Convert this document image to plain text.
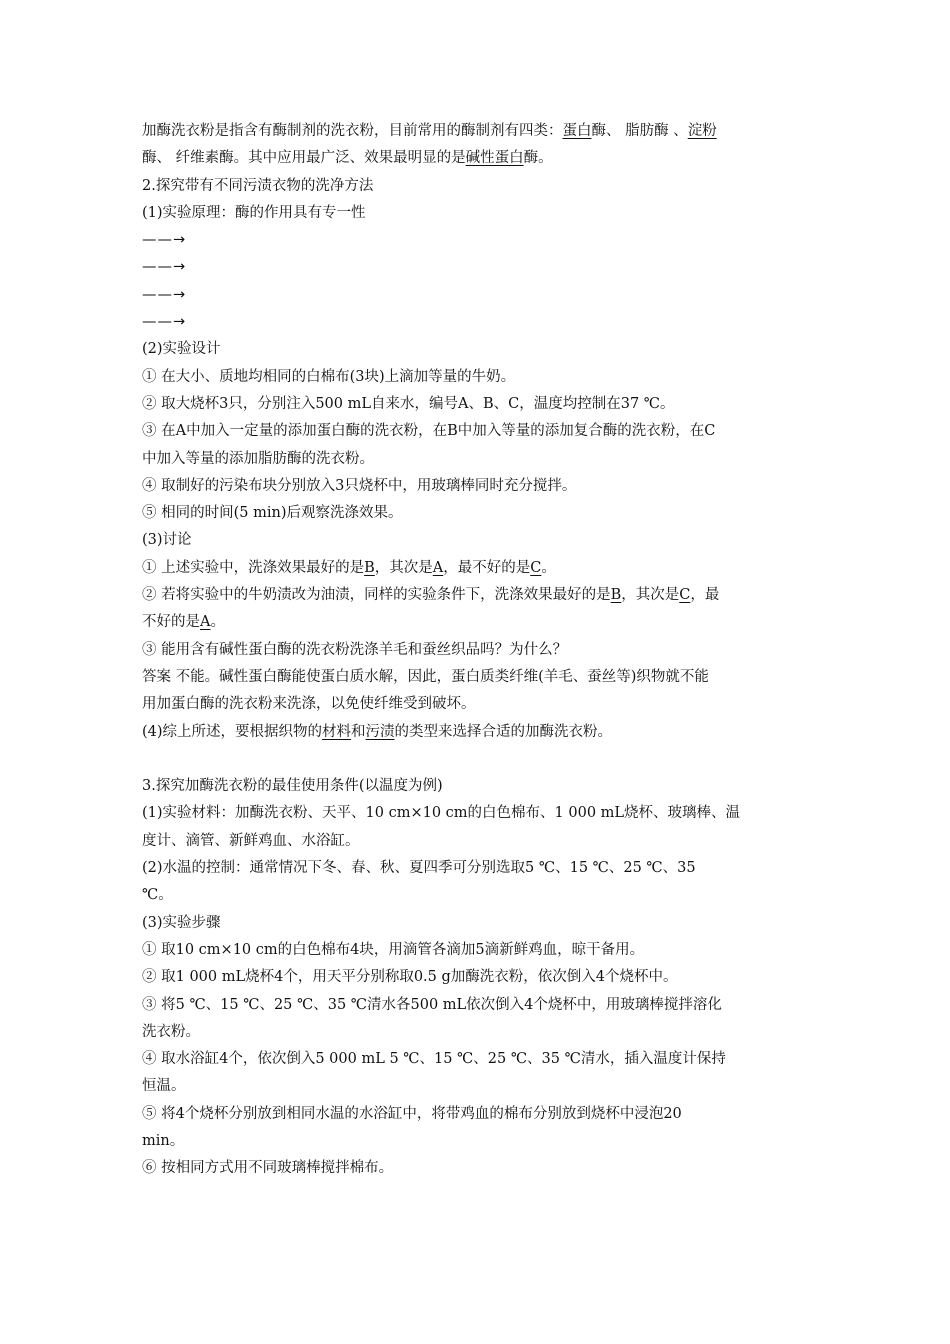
加酶洗衣粉是指含有酶制剂的洗衣粉，目前常用的酶制剂有四类：蛋白酶、 脂肪酶 、淀粉
酶、 纤维素酶。其中应用最广泛、效果最明显的是碱性蛋白酶。
2.探究带有不同污渍衣物的洗净方法
(1)实验原理：酶的作用具有专一性
——→
——→
——→
——→
(2)实验设计
① 在大小、质地均相同的白棉布(3块)上滴加等量的牛奶。
② 取大烧杯3只，分别注入500 mL自来水，编号A、B、C，温度均控制在37 ℃。
③ 在A中加入一定量的添加蛋白酶的洗衣粉，在B中加入等量的添加复合酶的洗衣粉，在C
中加入等量的添加脂肪酶的洗衣粉。
④ 取制好的污染布块分别放入3只烧杯中，用玻璃棒同时充分搅拌。
⑤ 相同的时间(5 min)后观察洗涤效果。
(3)讨论
① 上述实验中，洗涤效果最好的是B，其次是A，最不好的是C。
② 若将实验中的牛奶渍改为油渍，同样的实验条件下，洗涤效果最好的是B，其次是C，最
不好的是A。
③ 能用含有碱性蛋白酶的洗衣粉洗涤羊毛和蚕丝织品吗？为什么？
答案 不能。碱性蛋白酶能使蛋白质水解，因此，蛋白质类纤维(羊毛、蚕丝等)织物就不能
用加蛋白酶的洗衣粉来洗涤，以免使纤维受到破坏。
(4)综上所述，要根据织物的材料和污渍的类型来选择合适的加酶洗衣粉。
3.探究加酶洗衣粉的最佳使用条件(以温度为例)
(1)实验材料：加酶洗衣粉、天平、10 cm×10 cm的白色棉布、1 000 mL烧杯、玻璃棒、温
度计、滴管、新鲜鸡血、水浴缸。
(2)水温的控制：通常情况下冬、春、秋、夏四季可分别选取5 ℃、15 ℃、25 ℃、35
℃。
(3)实验步骤
① 取10 cm×10 cm的白色棉布4块，用滴管各滴加5滴新鲜鸡血，晾干备用。
② 取1 000 mL烧杯4个，用天平分别称取0.5 g加酶洗衣粉，依次倒入4个烧杯中。
③ 将5 ℃、15 ℃、25 ℃、35 ℃清水各500 mL依次倒入4个烧杯中，用玻璃棒搅拌溶化
洗衣粉。
④ 取水浴缸4个，依次倒入5 000 mL 5 ℃、15 ℃、25 ℃、35 ℃清水，插入温度计保持
恒温。
⑤ 将4个烧杯分别放到相同水温的水浴缸中，将带鸡血的棉布分别放到烧杯中浸泡20
min。
⑥ 按相同方式用不同玻璃棒搅拌棉布。
